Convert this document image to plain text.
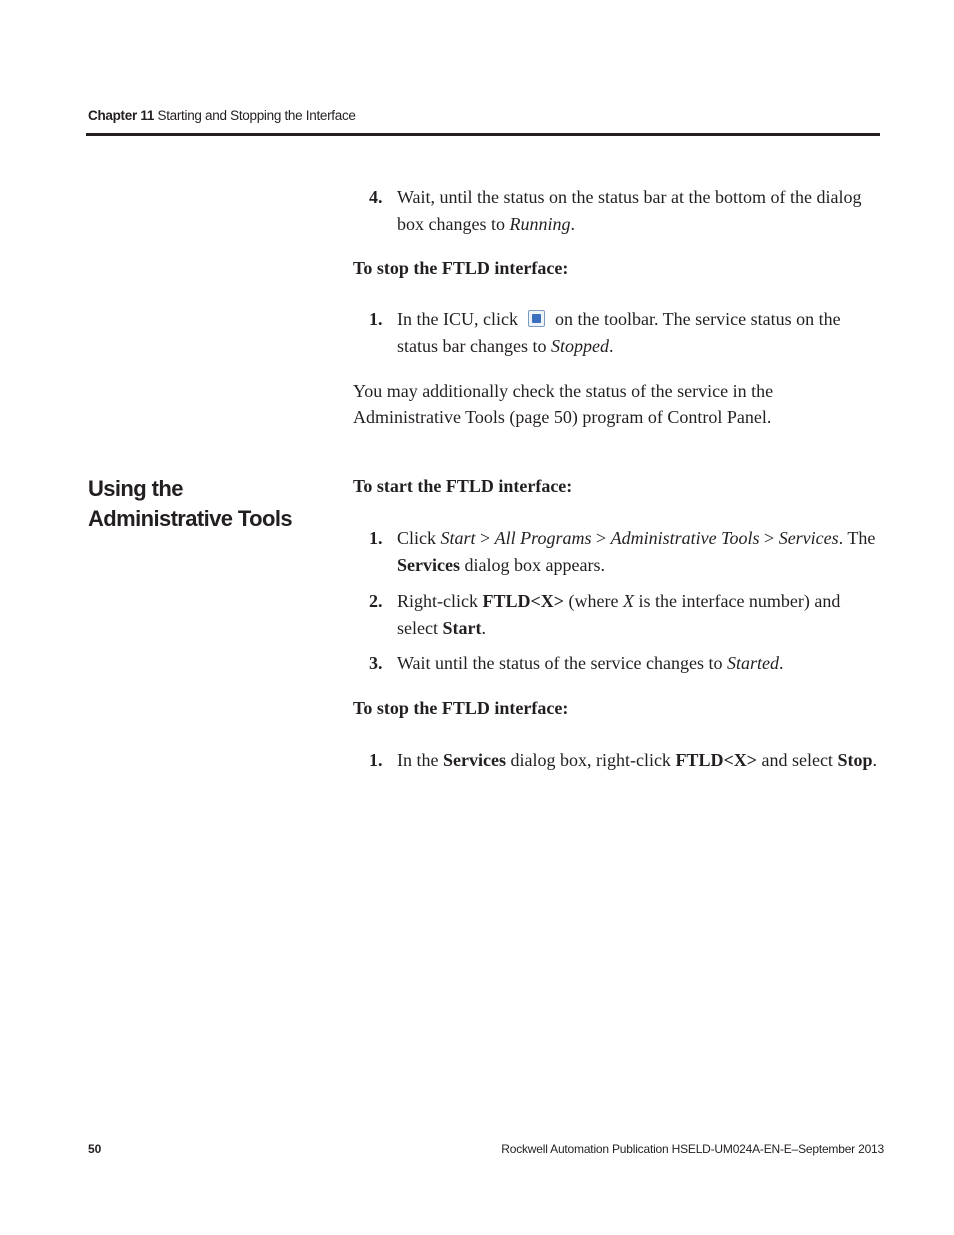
Chapter 11 Starting and Stopping the Interface
4. Wait, until the status on the status bar at the bottom of the dialog box changes to Running.
To stop the FTLD interface:
1. In the ICU, click on the toolbar. The service status on the status bar changes to Stopped.
You may additionally check the status of the service in the Administrative Tools (page 50) program of Control Panel.
Using the Administrative Tools
To start the FTLD interface:
1. Click Start > All Programs > Administrative Tools > Services. The Services dialog box appears.
2. Right-click FTLD<X> (where X is the interface number) and select Start.
3. Wait until the status of the service changes to Started.
To stop the FTLD interface:
1. In the Services dialog box, right-click FTLD<X> and select Stop.
50	Rockwell Automation Publication HSELD-UM024A-EN-E–September 2013
